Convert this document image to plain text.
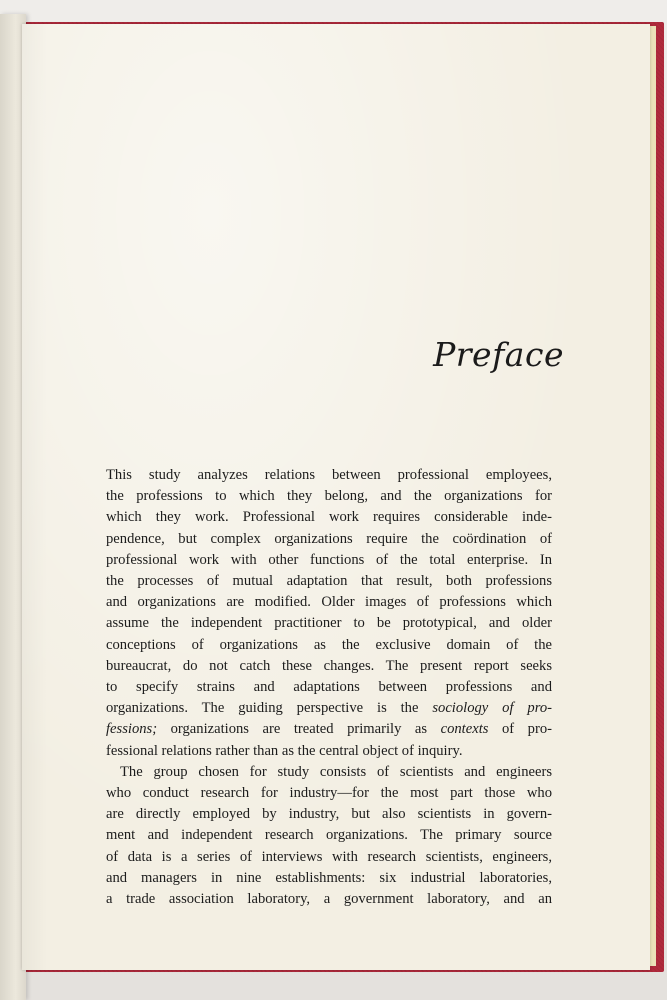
Preface

This study analyzes relations between professional employees,
the professions to which they belong, and the organizations for
which they work. Professional work requires considerable inde-
pendence, but complex organizations require the coördination of
professional work with other functions of the total enterprise. In
the processes of mutual adaptation that result, both professions
and organizations are modified. Older images of professions which
assume the independent practitioner to be prototypical, and older
conceptions of organizations as the exclusive domain of the
bureaucrat, do not catch these changes. The present report seeks
to specify strains and adaptations between professions and
organizations. The guiding perspective is the sociology of pro-
fessions; organizations are treated primarily as contexts of pro-
fessional relations rather than as the central object of inquiry.

The group chosen for study consists of scientists and engineers
who conduct research for industry—for the most part those who
are directly employed by industry, but also scientists in govern-
ment and independent research organizations. The primary source
of data is a series of interviews with research scientists, engineers,
and managers in nine establishments: six industrial laboratories,
a trade association laboratory, a government laboratory, and an
